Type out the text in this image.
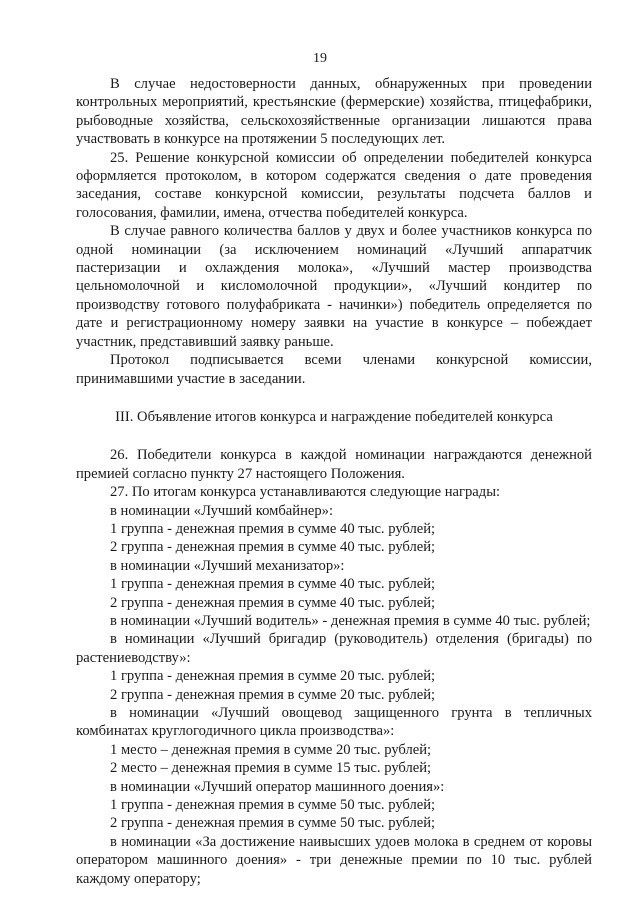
19

В случае недостоверности данных, обнаруженных при проведении контрольных мероприятий, крестьянские (фермерские) хозяйства, птицефабрики, рыбоводные хозяйства, сельскохозяйственные организации лишаются права участвовать в конкурсе на протяжении 5 последующих лет.

25. Решение конкурсной комиссии об определении победителей конкурса оформляется протоколом, в котором содержатся сведения о дате проведения заседания, составе конкурсной комиссии, результаты подсчета баллов и голосования, фамилии, имена, отчества победителей конкурса.

В случае равного количества баллов у двух и более участников конкурса по одной номинации (за исключением номинаций «Лучший аппаратчик пастеризации и охлаждения молока», «Лучший мастер производства цельномолочной и кисломолочной продукции», «Лучший кондитер по производству готового полуфабриката - начинки») победитель определяется по дате и регистрационному номеру заявки на участие в конкурсе – побеждает участник, представивший заявку раньше.

Протокол подписывается всеми членами конкурсной комиссии, принимавшими участие в заседании.

III. Объявление итогов конкурса и награждение победителей конкурса

26. Победители конкурса в каждой номинации награждаются денежной премией согласно пункту 27 настоящего Положения.

27. По итогам конкурса устанавливаются следующие награды:

в номинации «Лучший комбайнер»:

1 группа - денежная премия в сумме 40 тыс. рублей;

2 группа - денежная премия в сумме 40 тыс. рублей;

в номинации «Лучший механизатор»:

1 группа - денежная премия в сумме 40 тыс. рублей;

2 группа - денежная премия в сумме 40 тыс. рублей;

в номинации «Лучший водитель» - денежная премия в сумме 40 тыс. рублей;

в номинации «Лучший бригадир (руководитель) отделения (бригады) по растениеводству»:

1 группа - денежная премия в сумме 20 тыс. рублей;

2 группа - денежная премия в сумме 20 тыс. рублей;

в номинации «Лучший овощевод защищенного грунта в тепличных комбинатах круглогодичного цикла производства»:

1 место – денежная премия в сумме 20 тыс. рублей;

2 место – денежная премия в сумме 15 тыс. рублей;

в номинации «Лучший оператор машинного доения»:

1 группа - денежная премия в сумме 50 тыс. рублей;

2 группа - денежная премия в сумме 50 тыс. рублей;

в номинации «За достижение наивысших удоев молока в среднем от коровы оператором машинного доения» - три денежные премии по 10 тыс. рублей каждому оператору;
